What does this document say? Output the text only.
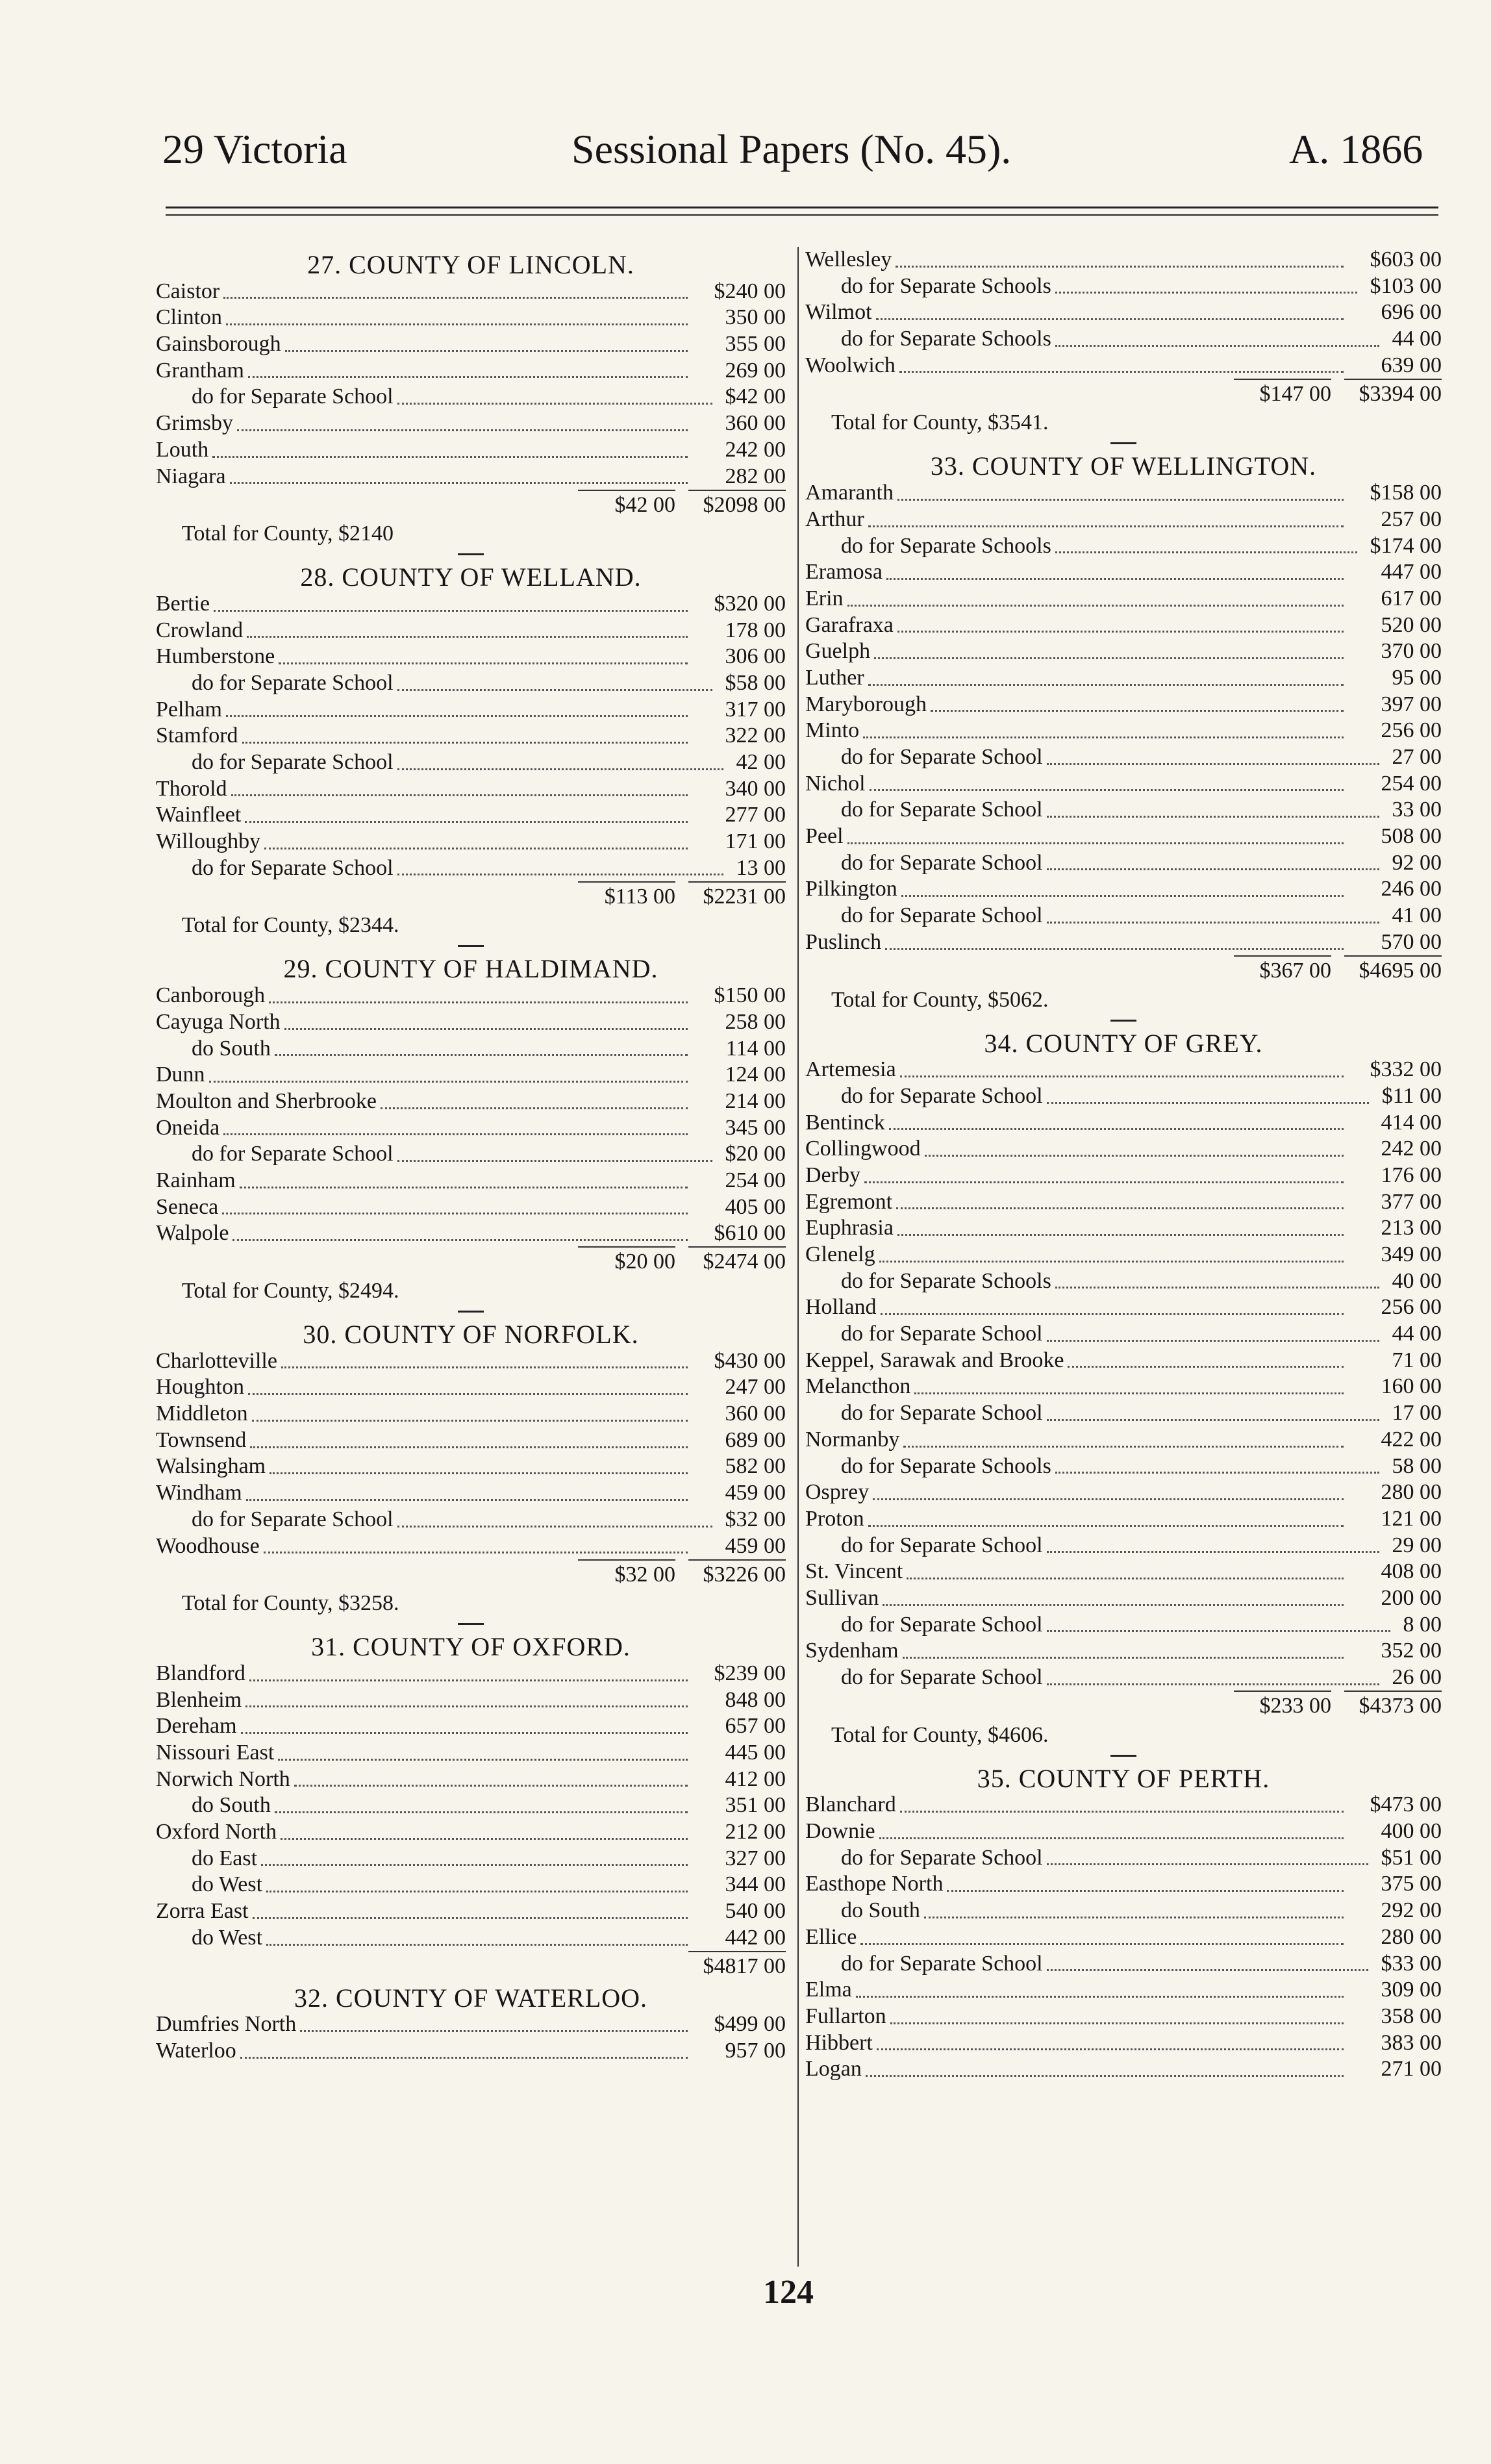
29 Victoria	Sessional Papers (No. 45).	A. 1866
27. COUNTY OF LINCOLN.
Caistor	$240 00
Clinton	350 00
Gainsborough	355 00
Grantham	269 00
do for Separate School	$42 00
Grimsby	360 00
Louth	242 00
Niagara	282 00
$42 00	$2098 00
Total for County, $2140
28. COUNTY OF WELLAND.
Bertie	$320 00
Crowland	178 00
Humberstone	306 00
do for Separate School	$58 00
Pelham	317 00
Stamford	322 00
do for Separate School	42 00
Thorold	340 00
Wainfleet	277 00
Willoughby	171 00
do for Separate School	13 00
$113 00	$2231 00
Total for County, $2344.
29. COUNTY OF HALDIMAND.
Canborough	$150 00
Cayuga North	258 00
do South	114 00
Dunn	124 00
Moulton and Sherbrooke	214 00
Oneida	345 00
do for Separate School	$20 00
Rainham	254 00
Seneca	405 00
Walpole	$610 00
$20 00	$2474 00
Total for County, $2494.
30. COUNTY OF NORFOLK.
Charlotteville	$430 00
Houghton	247 00
Middleton	360 00
Townsend	689 00
Walsingham	582 00
Windham	459 00
do for Separate School	$32 00
Woodhouse	459 00
$32 00	$3226 00
Total for County, $3258.
31. COUNTY OF OXFORD.
Blandford	$239 00
Blenheim	848 00
Dereham	657 00
Nissouri East	445 00
Norwich North	412 00
do South	351 00
Oxford North	212 00
do East	327 00
do West	344 00
Zorra East	540 00
do West	442 00
$4817 00
32. COUNTY OF WATERLOO.
Dumfries North	$499 00
Waterloo	957 00
Wellesley	$603 00
do for Separate Schools	$103 00
Wilmot	696 00
do for Separate Schools	44 00
Woolwich	639 00
$147 00	$3394 00
Total for County, $3541.
33. COUNTY OF WELLINGTON.
Amaranth	$158 00
Arthur	257 00
do for Separate Schools	$174 00
Eramosa	447 00
Erin	617 00
Garafraxa	520 00
Guelph	370 00
Luther	95 00
Maryborough	397 00
Minto	256 00
do for Separate School	27 00
Nichol	254 00
do for Separate School	33 00
Peel	508 00
do for Separate School	92 00
Pilkington	246 00
do for Separate School	41 00
Puslinch	570 00
$367 00	$4695 00
Total for County, $5062.
34. COUNTY OF GREY.
Artemesia	$332 00
do for Separate School	$11 00
Bentinck	414 00
Collingwood	242 00
Derby	176 00
Egremont	377 00
Euphrasia	213 00
Glenelg	349 00
do for Separate Schools	40 00
Holland	256 00
do for Separate School	44 00
Keppel, Sarawak and Brooke	71 00
Melancthon	160 00
do for Separate School	17 00
Normanby	422 00
do for Separate Schools	58 00
Osprey	280 00
Proton	121 00
do for Separate School	29 00
St. Vincent	408 00
Sullivan	200 00
do for Separate School	8 00
Sydenham	352 00
do for Separate School	26 00
$233 00	$4373 00
Total for County, $4606.
35. COUNTY OF PERTH.
Blanchard	$473 00
Downie	400 00
do for Separate School	$51 00
Easthope North	375 00
do South	292 00
Ellice	280 00
do for Separate School	$33 00
Elma	309 00
Fullarton	358 00
Hibbert	383 00
Logan	271 00
124
